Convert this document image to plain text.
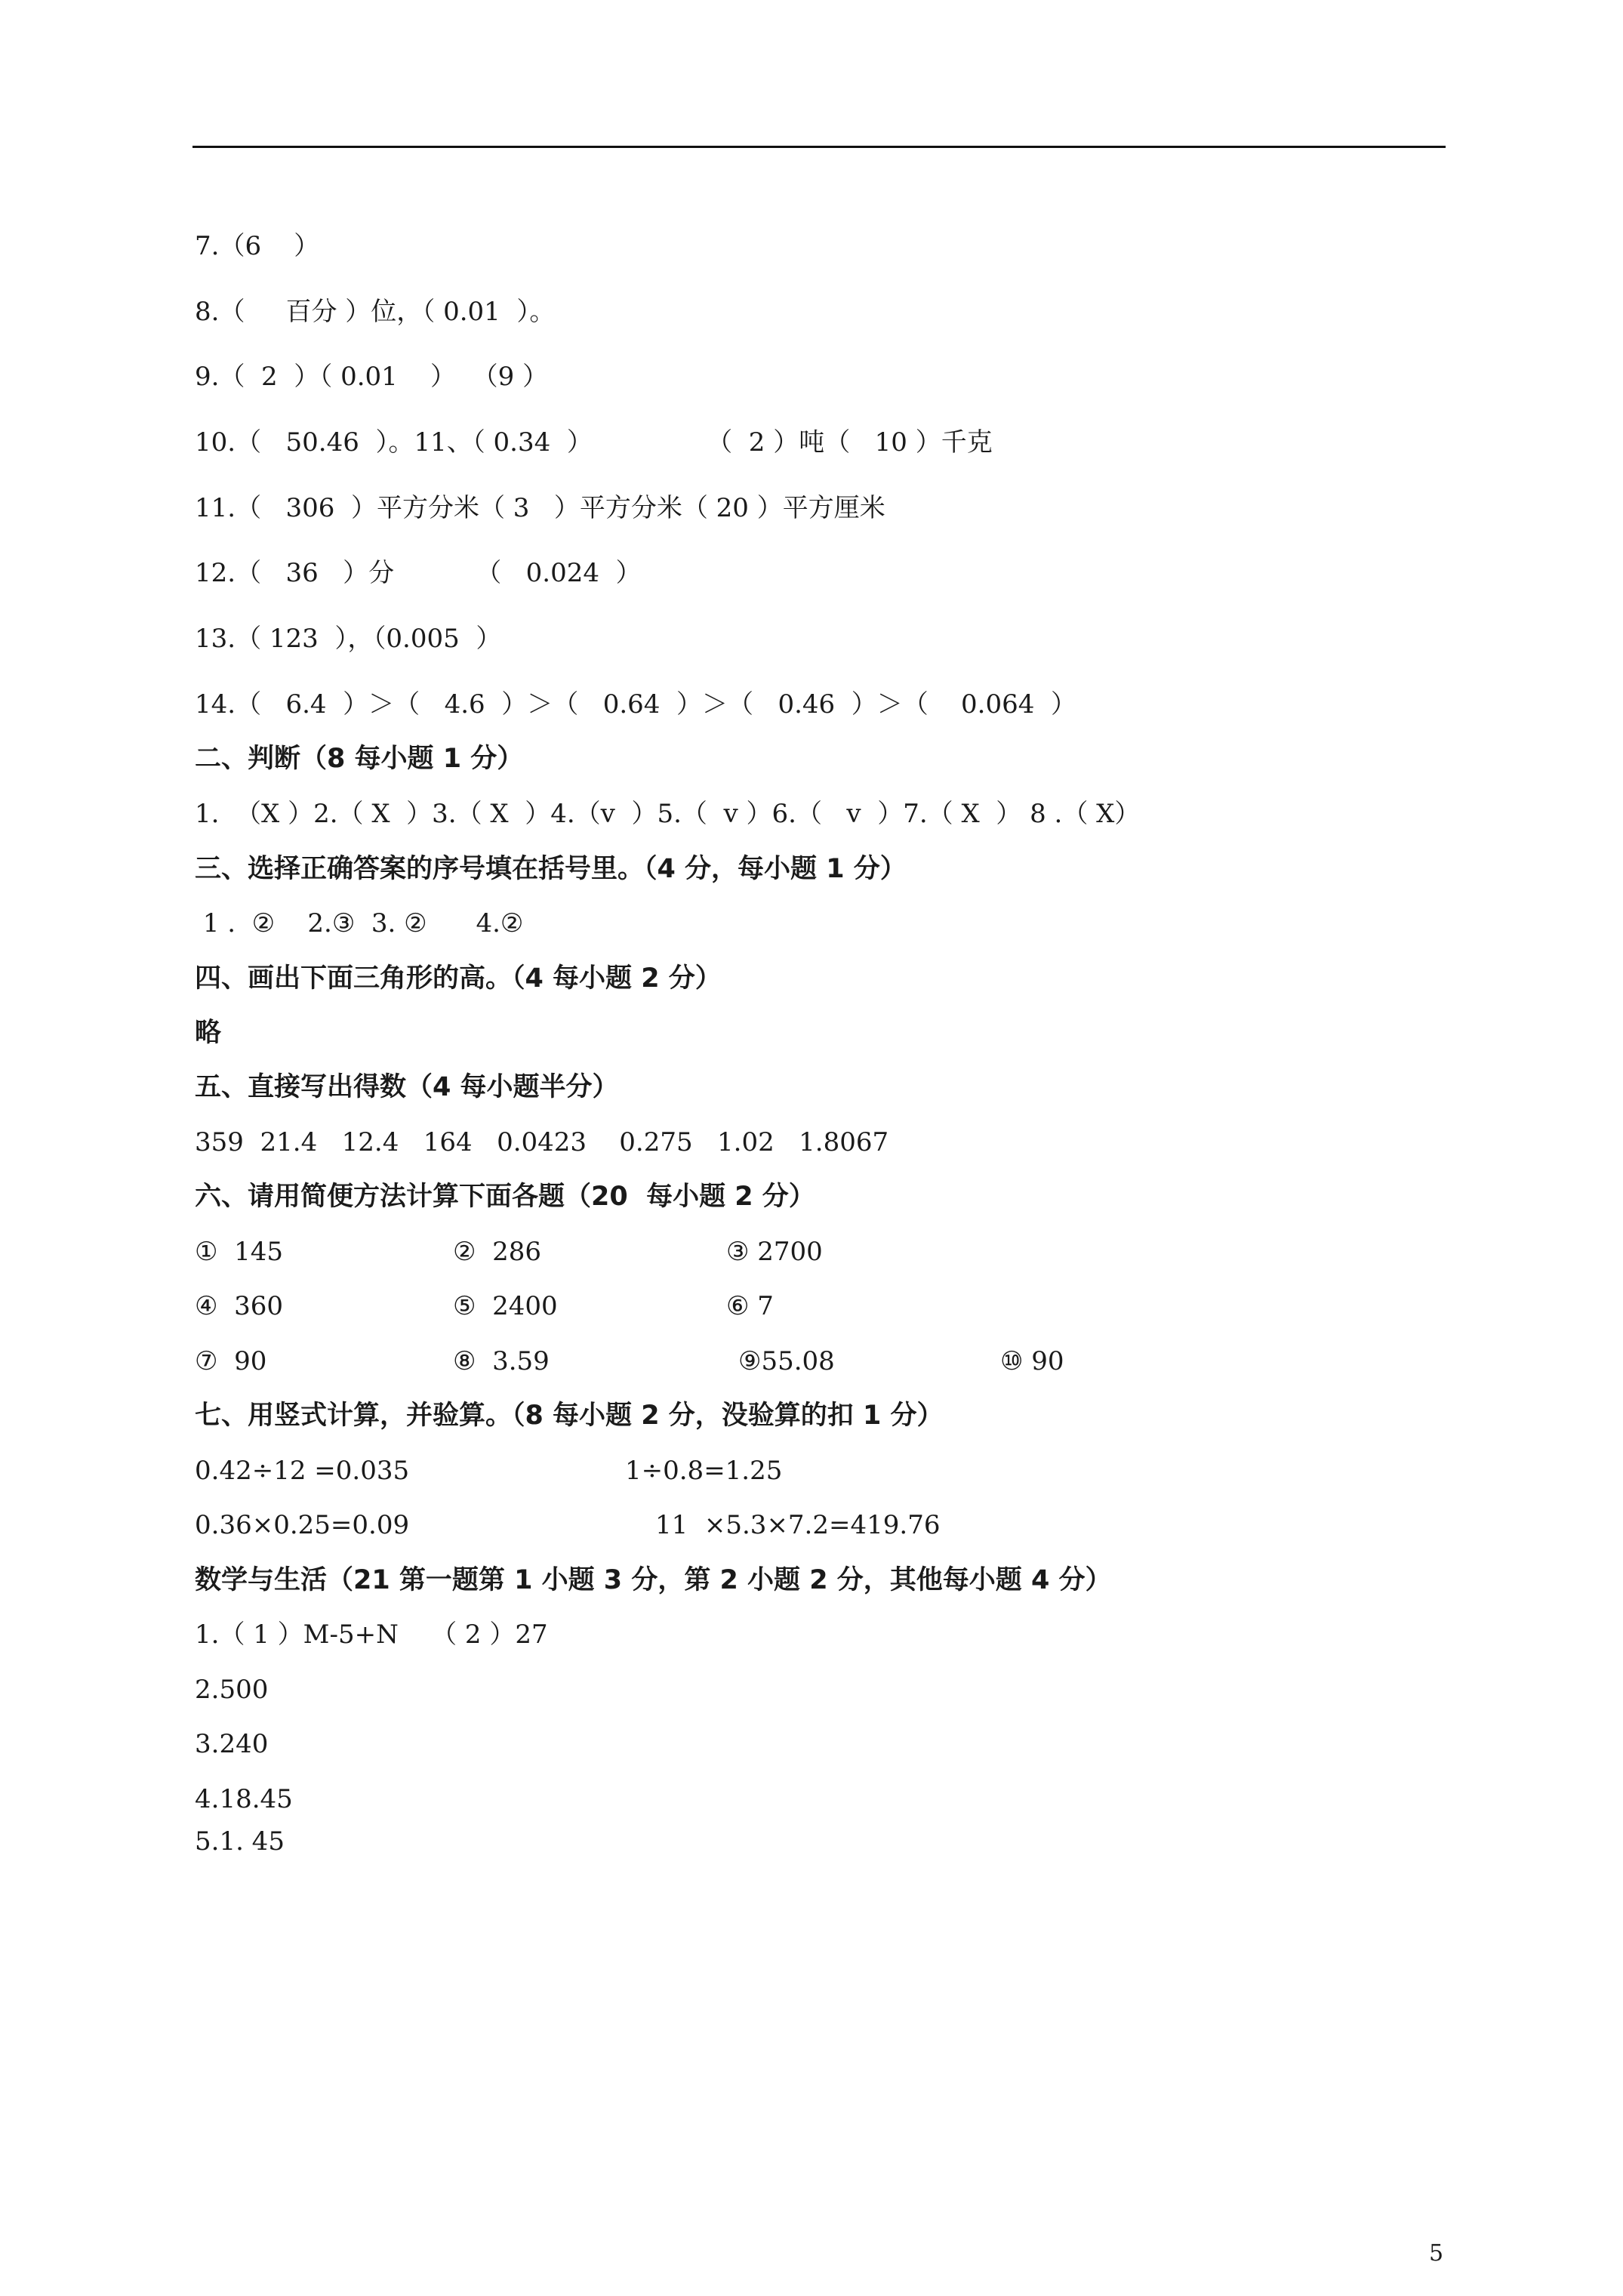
7.（6    ）
8.（     百分 ）位，（ 0.01  ）。
9.（  2  ）（ 0.01    ）  （9 ）
10.（   50.46  ）。11、（ 0.34  ）              （  2 ）吨（   10 ）千克
11.（   306  ）平方分米（ 3   ）平方分米（ 20 ）平方厘米
12.（   36   ）分          （   0.024  ）
13.（ 123  ），（0.005  ）
14.（   6.4  ）＞（   4.6  ）＞（   0.64  ）＞（   0.46  ）＞（    0.064  ）
二、判断（8 每小题 1 分）
1.  （X ）2.（ X  ）3.（ X  ）4.（v  ）5.（  v ）6.（   v  ）7.（ X  ） 8 .（ X）
三、选择正确答案的序号填在括号里。（4 分，每小题 1 分）
1 .  ②    2.③  3. ②      4.②
四、画出下面三角形的高。（4 每小题 2 分）
略
五、直接写出得数（4 每小题半分）
359  21.4   12.4   164   0.0423    0.275   1.02   1.8067
六、请用简便方法计算下面各题（20  每小题 2 分）
①  145	②  286	③ 2700
④  360	⑤  2400	⑥ 7
⑦  90	⑧  3.59	⑨55.08	⑩ 90
七、用竖式计算，并验算。（8 每小题 2 分，没验算的扣 1 分）
0.42÷12 =0.035	1÷0.8=1.25
0.36×0.25=0.09	11  ×5.3×7.2=419.76
数学与生活（21 第一题第 1 小题 3 分，第 2 小题 2 分，其他每小题 4 分）
1.（ 1 ）M-5+N    （ 2 ）27
2.500
3.240
4.18.45
5.1. 45
5
